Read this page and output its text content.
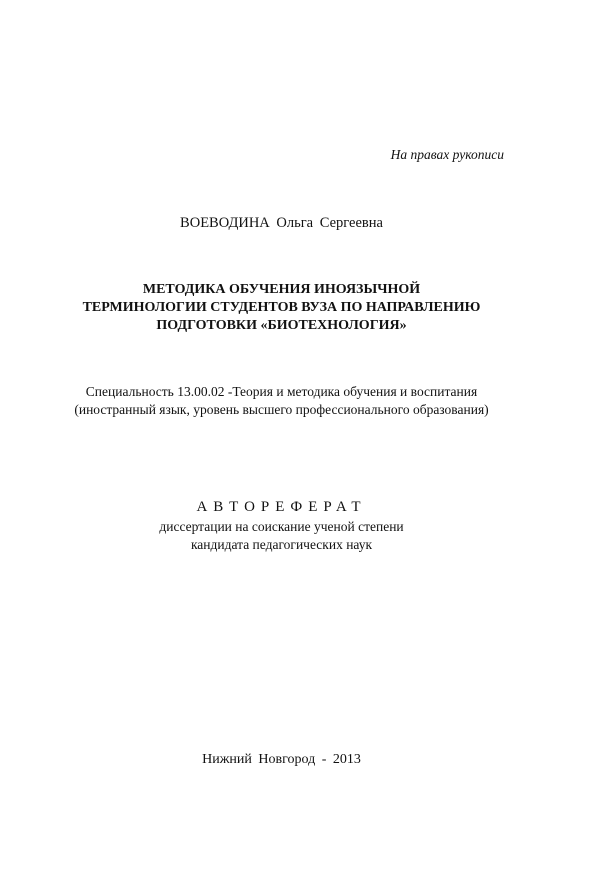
На правах рукописи
ВОЕВОДИНА Ольга Сергеевна
МЕТОДИКА ОБУЧЕНИЯ ИНОЯЗЫЧНОЙ
ТЕРМИНОЛОГИИ СТУДЕНТОВ ВУЗА ПО НАПРАВЛЕНИЮ
ПОДГОТОВКИ «БИОТЕХНОЛОГИЯ»
Специальность 13.00.02 -Теория и методика обучения и воспитания
(иностранный язык, уровень высшего профессионального образования)
АВТОРЕФЕРАТ
диссертации на соискание ученой степени
кандидата педагогических наук
Нижний Новгород - 2013
